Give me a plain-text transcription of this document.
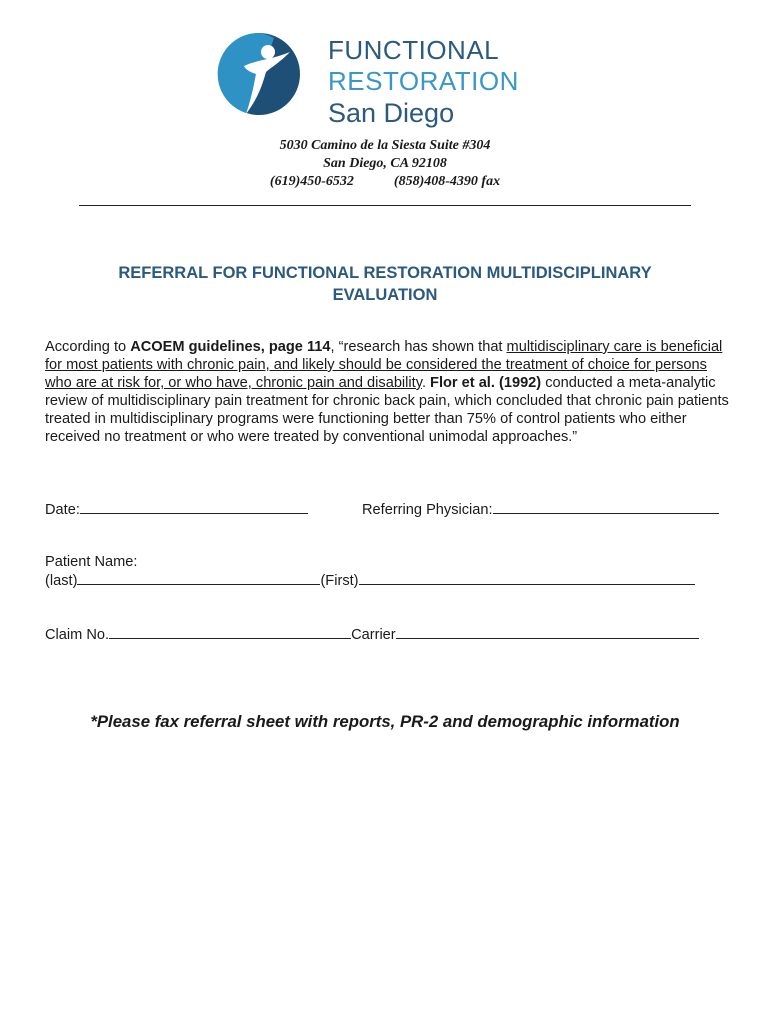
FUNCTIONAL
RESTORATION
San Diego
5030 Camino de la Siesta Suite #304
San Diego, CA 92108
(619)450-6532	(858)408-4390 fax
REFERRAL FOR FUNCTIONAL RESTORATION MULTIDISCIPLINARY
EVALUATION
According to ACOEM guidelines, page 114, “research has shown that multidisciplinary care is beneficial for most patients with chronic pain, and likely should be considered the treatment of choice for persons who are at risk for, or who have, chronic pain and disability. Flor et al. (1992) conducted a meta-analytic review of multidisciplinary pain treatment for chronic back pain, which concluded that chronic pain patients treated in multidisciplinary programs were functioning better than 75% of control patients who either received no treatment or who were treated by conventional unimodal approaches.”
Date:	Referring Physician:
Patient Name:
(last)	(First)
Claim No.	Carrier
*Please fax referral sheet with reports, PR-2 and demographic information
